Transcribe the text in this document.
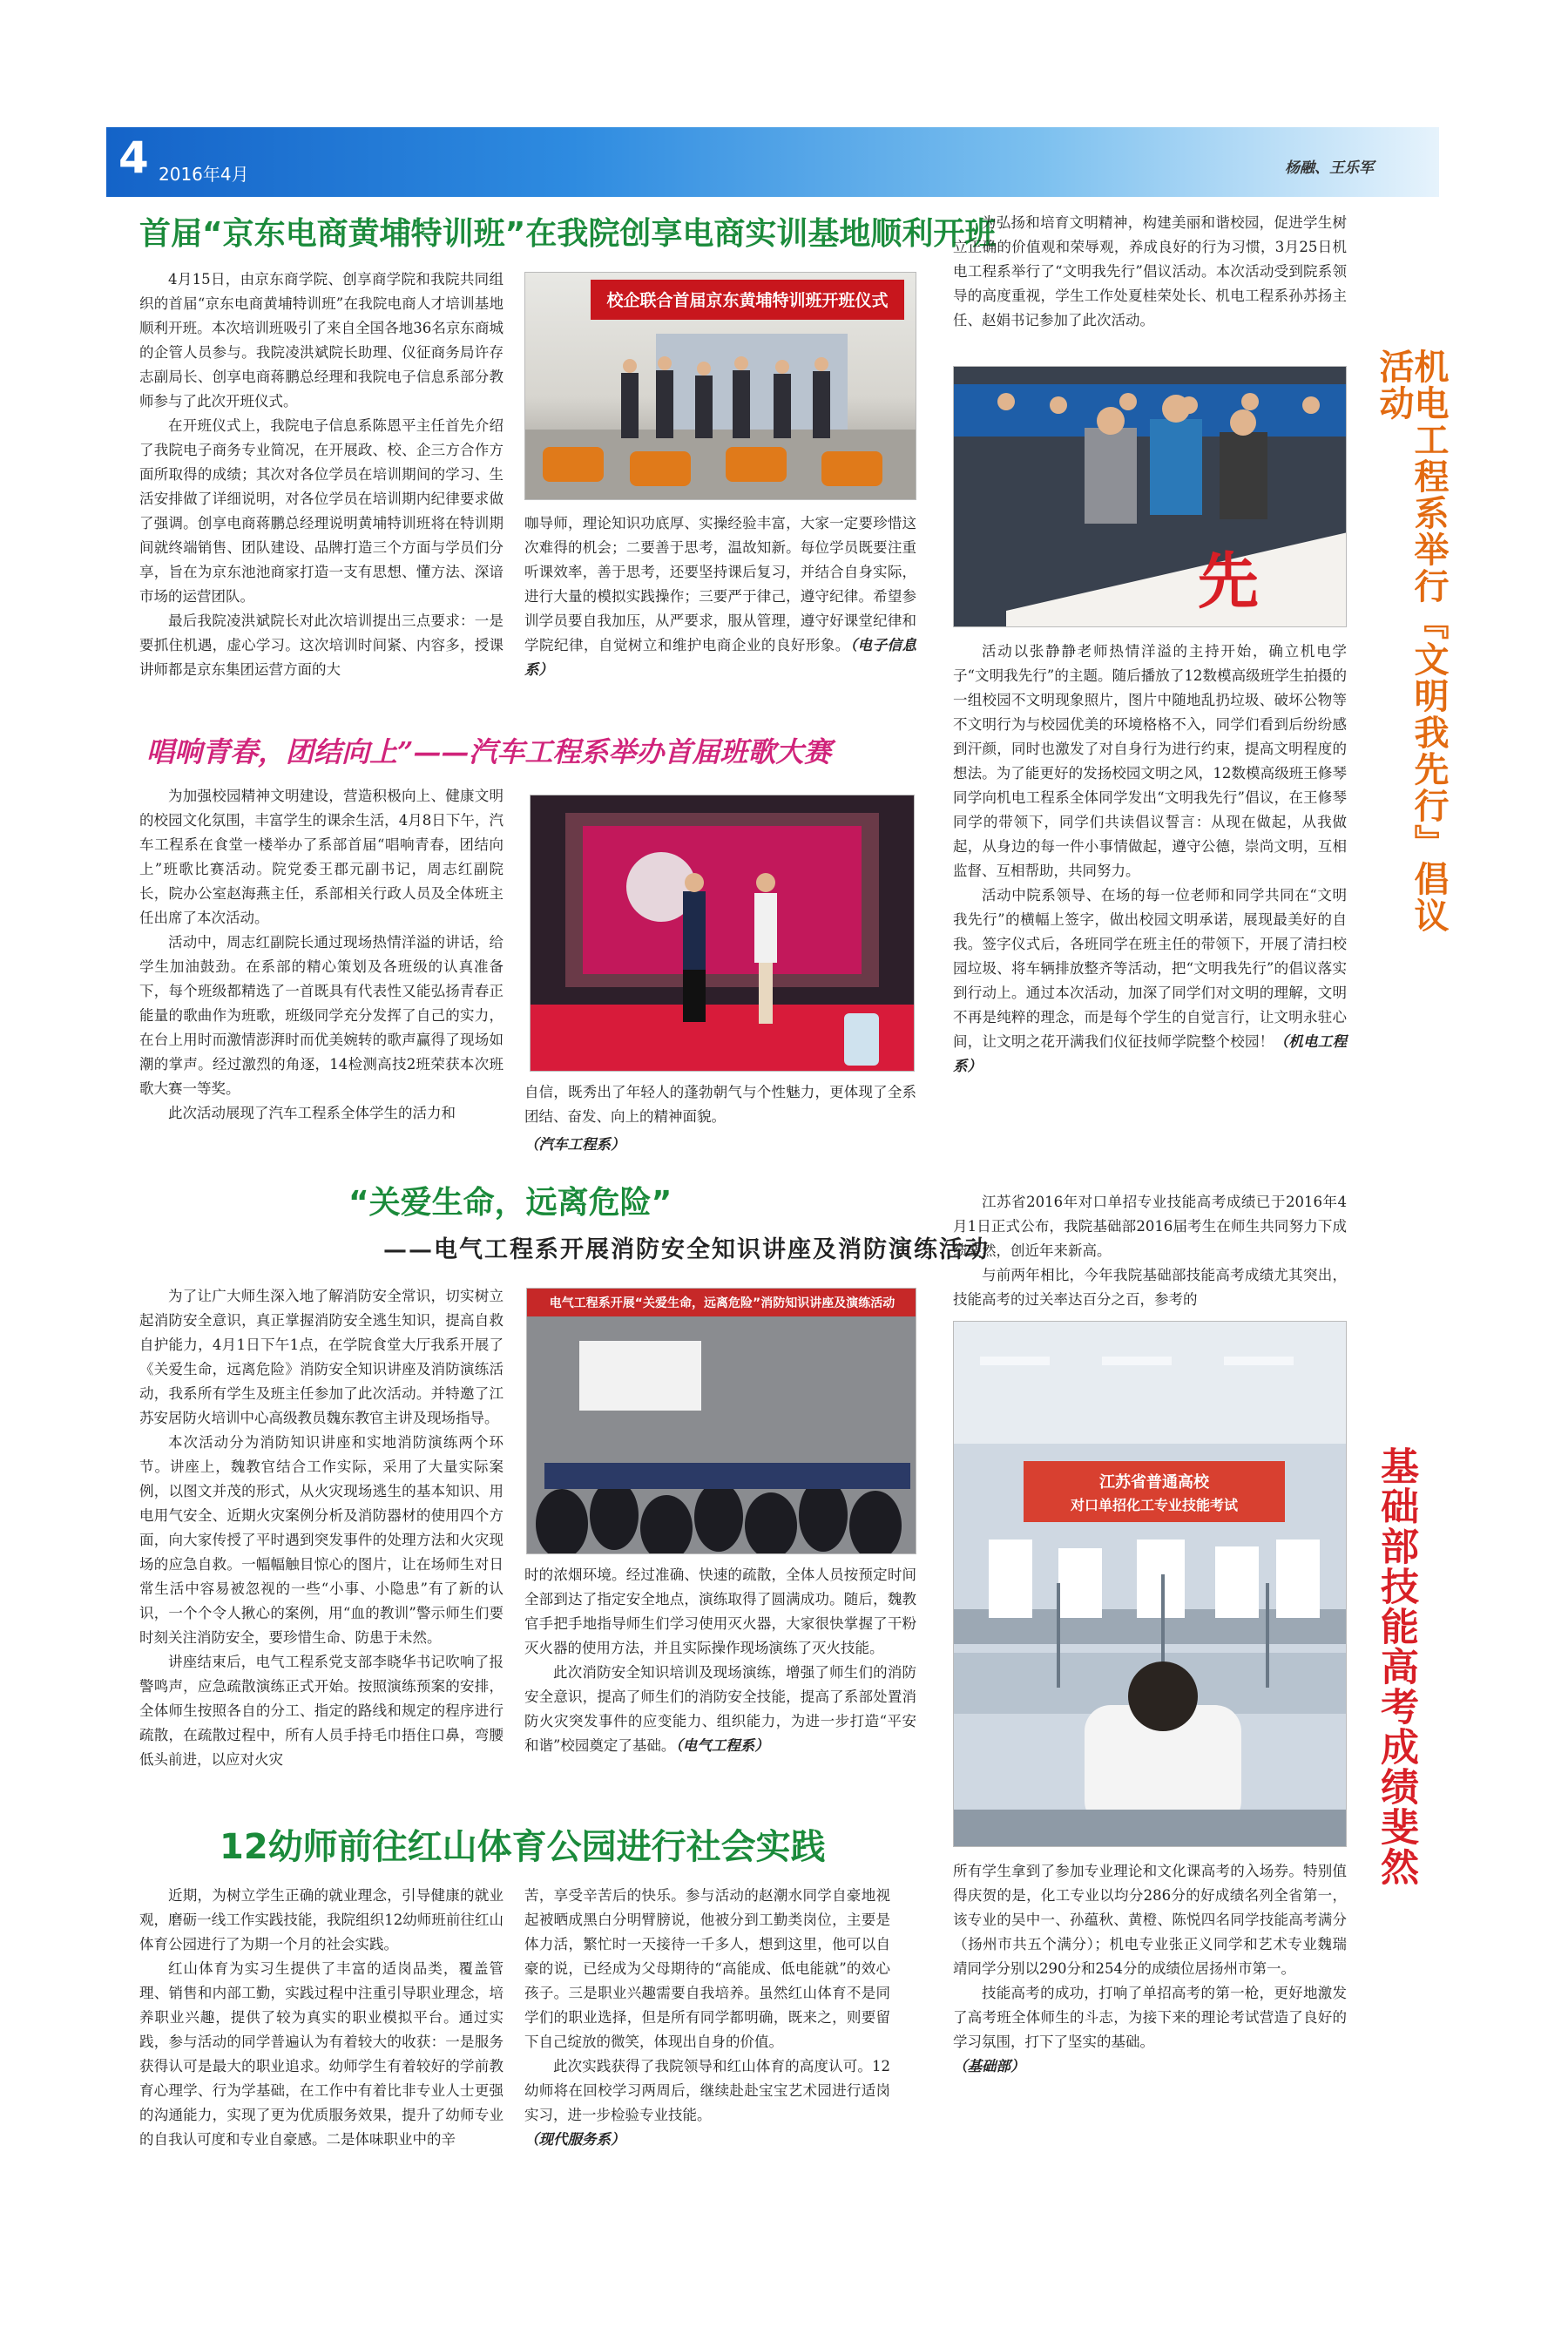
4 2016年4月	杨融、王乐军
首届“京东电商黄埔特训班”在我院创享电商实训基地顺利开班

4月15日，由京东商学院、创享商学院和我院共同组织的首届“京东电商黄埔特训班”在我院电商人才培训基地顺利开班。本次培训班吸引了来自全国各地36名京东商城的企管人员参与。我院凌洪斌院长助理、仪征商务局许存志副局长、创享电商蒋鹏总经理和我院电子信息系部分教师参与了此次开班仪式。

在开班仪式上，我院电子信息系陈恩平主任首先介绍了我院电子商务专业简况，在开展政、校、企三方合作方面所取得的成绩；其次对各位学员在培训期间的学习、生活安排做了详细说明，对各位学员在培训期内纪律要求做了强调。创享电商蒋鹏总经理说明黄埔特训班将在特训期间就终端销售、团队建设、品牌打造三个方面与学员们分享，旨在为京东池池商家打造一支有思想、懂方法、深谙市场的运营团队。

最后我院凌洪斌院长对此次培训提出三点要求：一是要抓住机遇，虚心学习。这次培训时间紧、内容多，授课讲师都是京东集团运营方面的大

校企联合首届京东黄埔特训班开班仪式

咖导师，理论知识功底厚、实操经验丰富，大家一定要珍惜这次难得的机会；二要善于思考，温故知新。每位学员既要注重听课效率，善于思考，还要坚持课后复习，并结合自身实际，进行大量的模拟实践操作；三要严于律己，遵守纪律。希望参训学员要自我加压，从严要求，服从管理，遵守好课堂纪律和学院纪律，自觉树立和维护电商企业的良好形象。（电子信息系）

唱响青春，团结向上”——汽车工程系举办首届班歌大赛

为加强校园精神文明建设，营造积极向上、健康文明的校园文化氛围，丰富学生的课余生活，4月8日下午，汽车工程系在食堂一楼举办了系部首届“唱响青春，团结向上”班歌比赛活动。院党委王郡元副书记，周志红副院长，院办公室赵海燕主任，系部相关行政人员及全体班主任出席了本次活动。

活动中，周志红副院长通过现场热情洋溢的讲话，给学生加油鼓劲。在系部的精心策划及各班级的认真准备下，每个班级都精选了一首既具有代表性又能弘扬青春正能量的歌曲作为班歌，班级同学充分发挥了自己的实力，在台上用时而激情澎湃时而优美婉转的歌声赢得了现场如潮的掌声。经过激烈的角逐，14检测高技2班荣获本次班歌大赛一等奖。

此次活动展现了汽车工程系全体学生的活力和

自信，既秀出了年轻人的蓬勃朝气与个性魅力，更体现了全系团结、奋发、向上的精神面貌。

（汽车工程系）
“关爱生命，远离危险”
——电气工程系开展消防安全知识讲座及消防演练活动

为了让广大师生深入地了解消防安全常识，切实树立起消防安全意识，真正掌握消防安全逃生知识，提高自救自护能力，4月1日下午1点，在学院食堂大厅我系开展了《关爱生命，远离危险》消防安全知识讲座及消防演练活动，我系所有学生及班主任参加了此次活动。并特邀了江苏安居防火培训中心高级教员魏东教官主讲及现场指导。

本次活动分为消防知识讲座和实地消防演练两个环节。讲座上，魏教官结合工作实际，采用了大量实际案例，以图文并茂的形式，从火灾现场逃生的基本知识、用电用气安全、近期火灾案例分析及消防器材的使用四个方面，向大家传授了平时遇到突发事件的处理方法和火灾现场的应急自救。一幅幅触目惊心的图片，让在场师生对日常生活中容易被忽视的一些“小事、小隐患”有了新的认识，一个个令人揪心的案例，用“血的教训”警示师生们要时刻关注消防安全，要珍惜生命、防患于未然。

讲座结束后，电气工程系党支部李晓华书记吹响了报警鸣声，应急疏散演练正式开始。按照演练预案的安排，全体师生按照各自的分工、指定的路线和规定的程序进行疏散，在疏散过程中，所有人员手持毛巾捂住口鼻，弯腰低头前进，以应对火灾

电气工程系开展“关爱生命，远离危险”消防知识讲座及演练活动

时的浓烟环境。经过准确、快速的疏散，全体人员按预定时间全部到达了指定安全地点，演练取得了圆满成功。随后，魏教官手把手地指导师生们学习使用灭火器，大家很快掌握了干粉灭火器的使用方法，并且实际操作现场演练了灭火技能。

此次消防安全知识培训及现场演练，增强了师生们的消防安全意识，提高了师生们的消防安全技能，提高了系部处置消防火灾突发事件的应变能力、组织能力，为进一步打造“平安和谐”校园奠定了基础。（电气工程系）

12幼师前往红山体育公园进行社会实践

近期，为树立学生正确的就业理念，引导健康的就业观，磨砺一线工作实践技能，我院组织12幼师班前往红山体育公园进行了为期一个月的社会实践。

红山体育为实习生提供了丰富的适岗品类，覆盖管理、销售和内部工勤，实践过程中注重引导职业理念，培养职业兴趣，提供了较为真实的职业模拟平台。通过实践，参与活动的同学普遍认为有着较大的收获：一是服务获得认可是最大的职业追求。幼师学生有着较好的学前教育心理学、行为学基础，在工作中有着比非专业人士更强的沟通能力，实现了更为优质服务效果，提升了幼师专业的自我认可度和专业自豪感。二是体味职业中的辛

苦，享受辛苦后的快乐。参与活动的赵潮水同学自豪地视起被晒成黑白分明臂膀说，他被分到工勤类岗位，主要是体力活，繁忙时一天接待一千多人，想到这里，他可以自豪的说，已经成为父母期待的“高能成、低电能就”的效心孩子。三是职业兴趣需要自我培养。虽然红山体育不是同学们的职业选择，但是所有同学都明确，既来之，则要留下自己绽放的微笑，体现出自身的价值。

此次实践获得了我院领导和红山体育的高度认可。12幼师将在回校学习两周后，继续赴赴宝宝艺术园进行适岗实习，进一步检验专业技能。

（现代服务系）

为弘扬和培育文明精神，构建美丽和谐校园，促进学生树立正确的价值观和荣辱观，养成良好的行为习惯，3月25日机电工程系举行了“文明我先行”倡议活动。本次活动受到院系领导的高度重视，学生工作处夏桂荣处长、机电工程系孙苏扬主任、赵娟书记参加了此次活动。

先

活动以张静静老师热情洋溢的主持开始，确立机电学子“文明我先行”的主题。随后播放了12数模高级班学生拍摄的一组校园不文明现象照片，图片中随地乱扔垃圾、破坏公物等不文明行为与校园优美的环境格格不入，同学们看到后纷纷感到汗颜，同时也激发了对自身行为进行约束，提高文明程度的想法。为了能更好的发扬校园文明之风，12数模高级班王修琴同学向机电工程系全体同学发出“文明我先行”倡议，在王修琴同学的带领下，同学们共读倡议誓言：从现在做起，从我做起，从身边的每一件小事情做起，遵守公德，崇尚文明，互相监督、互相帮助，共同努力。

活动中院系领导、在场的每一位老师和同学共同在“文明我先行”的横幅上签字，做出校园文明承诺，展现最美好的自我。签字仪式后，各班同学在班主任的带领下，开展了清扫校园垃圾、将车辆排放整齐等活动，把“文明我先行”的倡议落实到行动上。通过本次活动，加深了同学们对文明的理解，文明不再是纯粹的理念，而是每个学生的自觉言行，让文明永驻心间，让文明之花开满我们仪征技师学院整个校园！（机电工程系）

机电工程系举行『文明我先行』倡议活动

江苏省2016年对口单招专业技能高考成绩已于2016年4月1日正式公布，我院基础部2016届考生在师生共同努力下成绩斐然，创近年来新高。

与前两年相比，今年我院基础部技能高考成绩尤其突出，技能高考的过关率达百分之百，参考的

江苏省普通高校
对口单招化工专业技能考试

所有学生拿到了参加专业理论和文化课高考的入场券。特别值得庆贺的是，化工专业以均分286分的好成绩名列全省第一，该专业的吴中一、孙蕴秋、黄橙、陈悦四名同学技能高考满分（扬州市共五个满分）；机电专业张正义同学和艺术专业魏瑞靖同学分别以290分和254分的成绩位居扬州市第一。

技能高考的成功，打响了单招高考的第一枪，更好地激发了高考班全体师生的斗志，为接下来的理论考试营造了良好的学习氛围，打下了坚实的基础。

（基础部）

基础部技能高考成绩斐然
